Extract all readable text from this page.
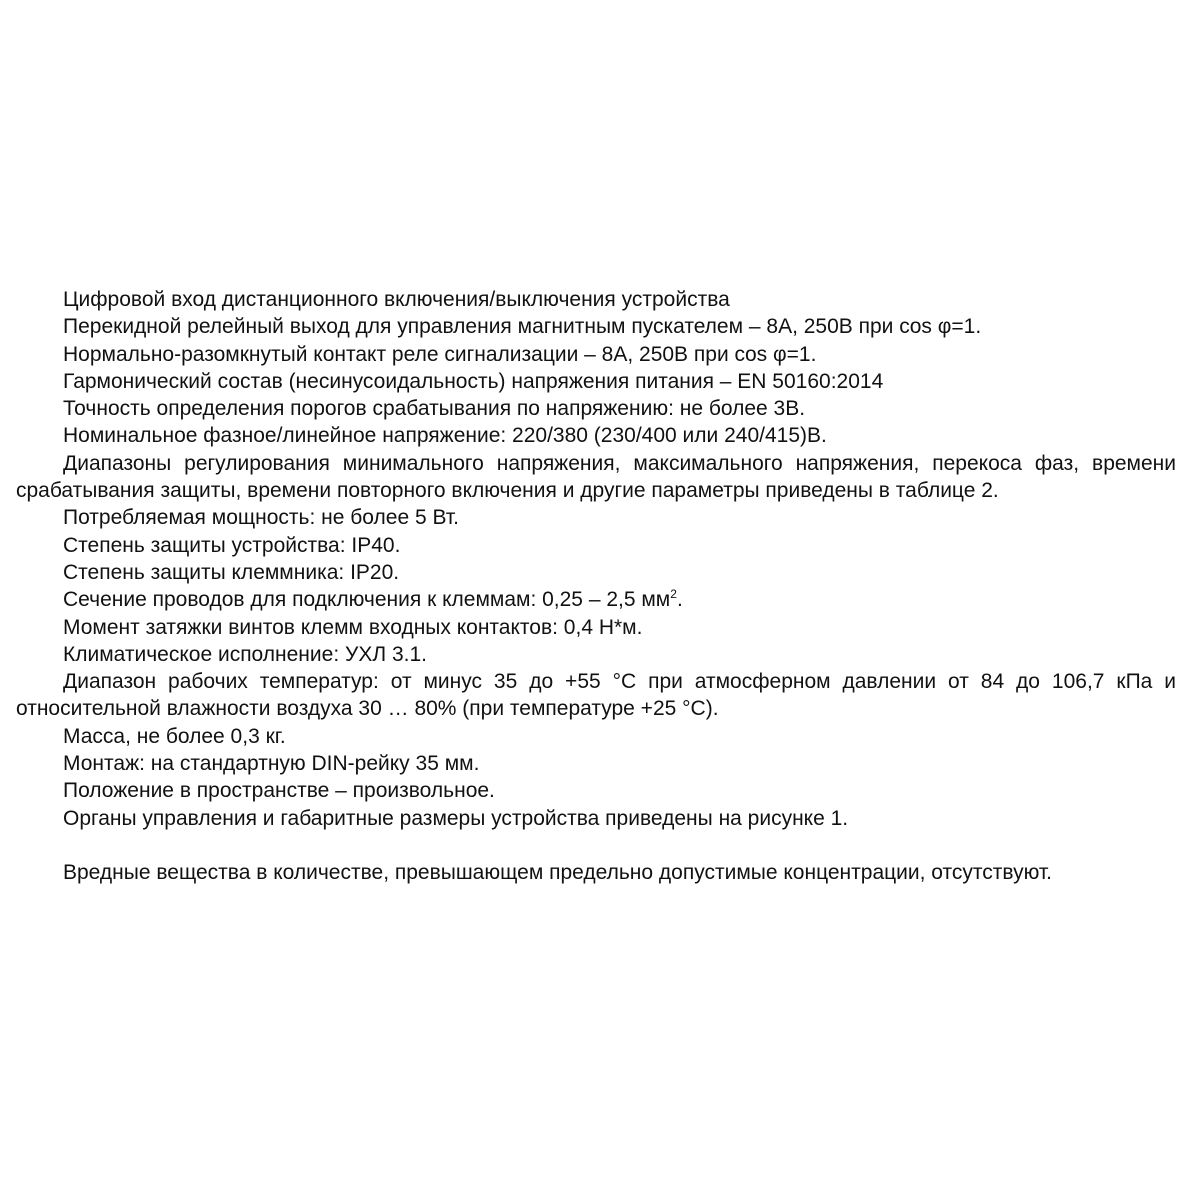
Цифровой вход дистанционного включения/выключения устройства

Перекидной релейный выход для управления магнитным пускателем – 8А, 250В при cos φ=1.

Нормально-разомкнутый контакт реле сигнализации – 8А, 250В при cos φ=1.

Гармонический состав (несинусоидальность) напряжения питания – EN 50160:2014

Точность определения порогов срабатывания по напряжению: не более 3В.

Номинальное фазное/линейное напряжение: 220/380 (230/400 или 240/415)В.

Диапазоны регулирования минимального напряжения, максимального напряжения, перекоса фаз, времени срабатывания защиты, времени повторного включения и другие параметры приведены в таблице 2.

Потребляемая мощность: не более 5 Вт.

Степень защиты устройства: IP40.

Степень защиты клеммника: IP20.

Сечение проводов для подключения к клеммам: 0,25 – 2,5 $мм^2$.

Момент затяжки винтов клемм входных контактов: 0,4 Н*м.

Климатическое исполнение: УХЛ 3.1.

Диапазон рабочих температур: от минус 35 до +55 °С при атмосферном давлении от 84 до 106,7 кПа и относительной влажности воздуха 30 … 80% (при температуре +25 °С).

Масса, не более 0,3 кг.

Монтаж: на стандартную DIN-рейку 35 мм.

Положение в пространстве – произвольное.

Органы управления и габаритные размеры устройства приведены на рисунке 1.

Вредные вещества в количестве, превышающем предельно допустимые концентрации, отсутствуют.
